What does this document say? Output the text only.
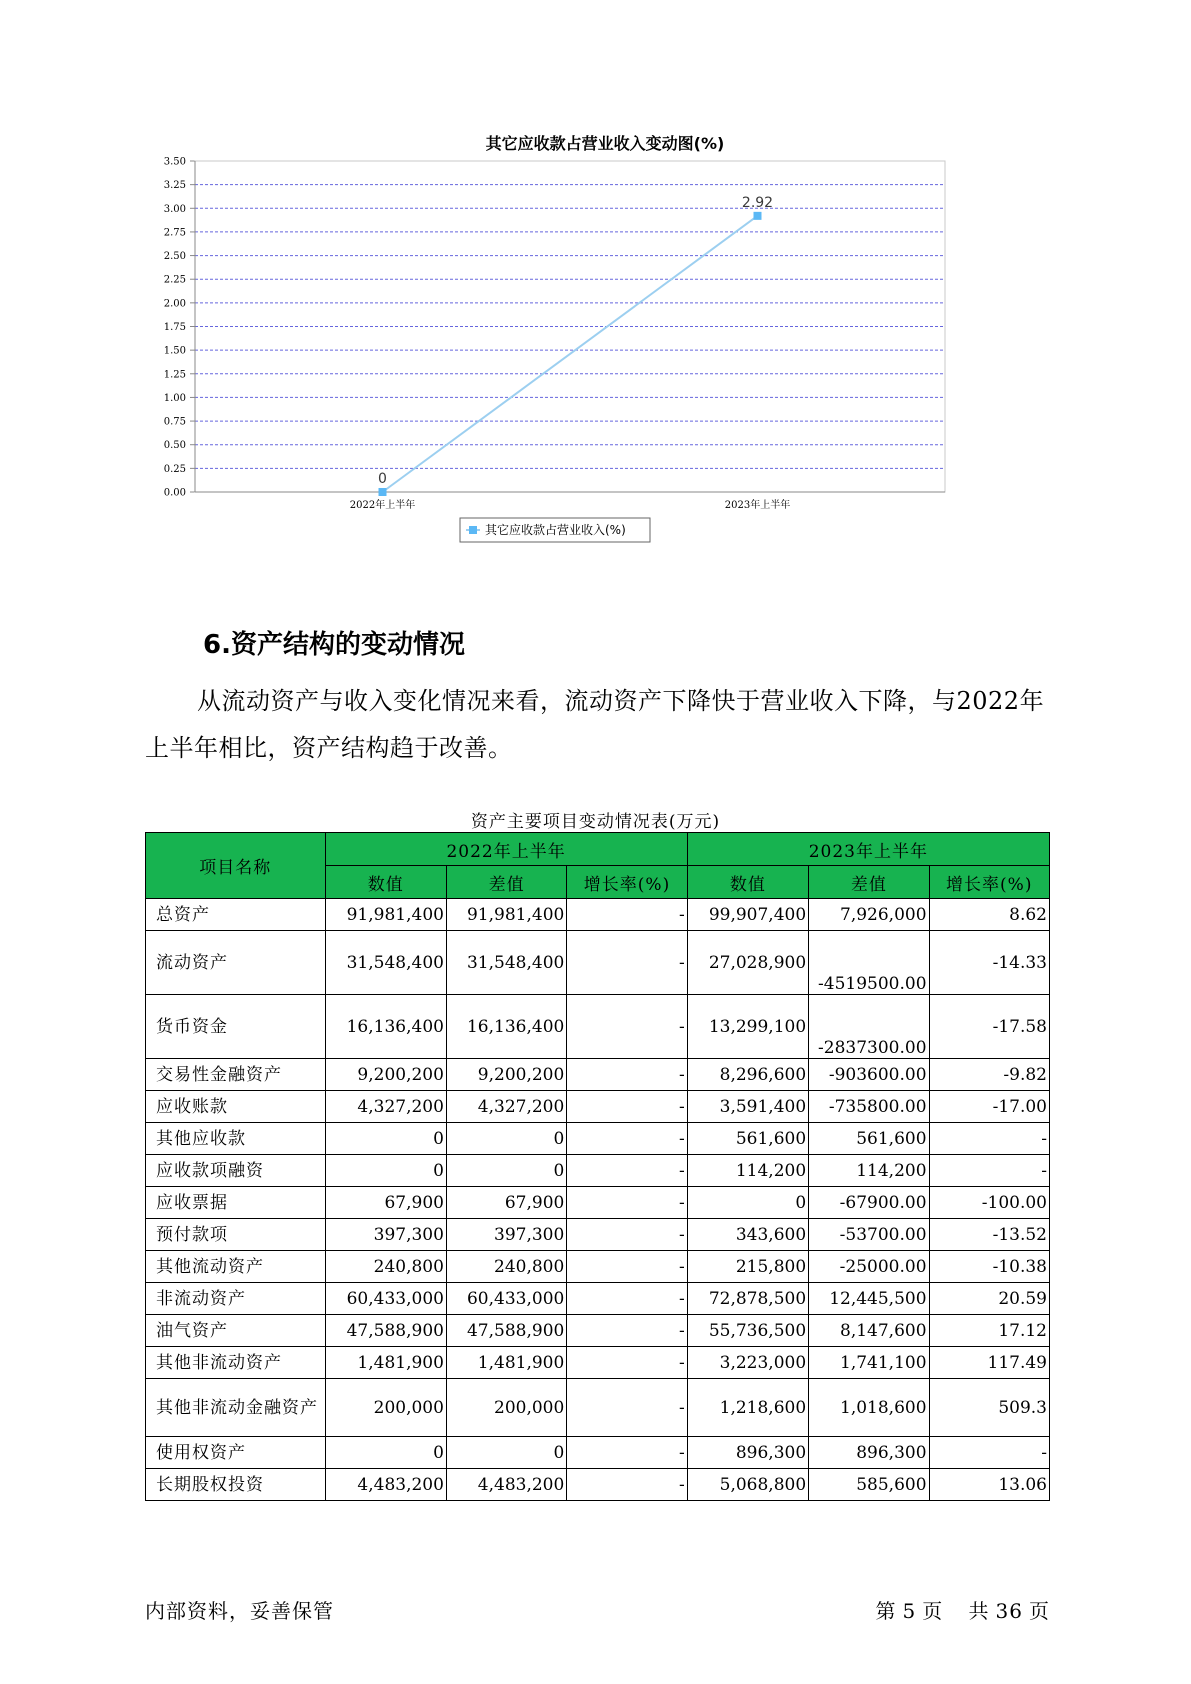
其它应收款占营业收入变动图(%)
0.00
0.25
0.50
0.75
1.00
1.25
1.50
1.75
2.00
2.25
2.50
2.75
3.00
3.25
3.50
2022年上半年	2023年上半年
0
2.92
其它应收款占营业收入(%)
6.资产结构的变动情况

从流动资产与收入变化情况来看，流动资产下降快于营业收入下降，与2022年上半年相比，资产结构趋于改善。

资产主要项目变动情况表(万元)
项目名称	2022年上半年			2023年上半年		
	数值	差值	增长率(%)	数值	差值	增长率(%)
总资产	91,981,400	91,981,400	-	99,907,400	7,926,000	8.62
流动资产	31,548,400	31,548,400	-	27,028,900	-4519500.00	-14.33
货币资金	16,136,400	16,136,400	-	13,299,100	-2837300.00	-17.58
交易性金融资产	9,200,200	9,200,200	-	8,296,600	-903600.00	-9.82
应收账款	4,327,200	4,327,200	-	3,591,400	-735800.00	-17.00
其他应收款	0	0	-	561,600	561,600	-
应收款项融资	0	0	-	114,200	114,200	-
应收票据	67,900	67,900	-	0	-67900.00	-100.00
预付款项	397,300	397,300	-	343,600	-53700.00	-13.52
其他流动资产	240,800	240,800	-	215,800	-25000.00	-10.38
非流动资产	60,433,000	60,433,000	-	72,878,500	12,445,500	20.59
油气资产	47,588,900	47,588,900	-	55,736,500	8,147,600	17.12
其他非流动资产	1,481,900	1,481,900	-	3,223,000	1,741,100	117.49
其他非流动金融资产	200,000	200,000	-	1,218,600	1,018,600	509.3
使用权资产	0	0	-	896,300	896,300	-
长期股权投资	4,483,200	4,483,200	-	5,068,800	585,600	13.06
内部资料，妥善保管	第 5 页 共 36 页
